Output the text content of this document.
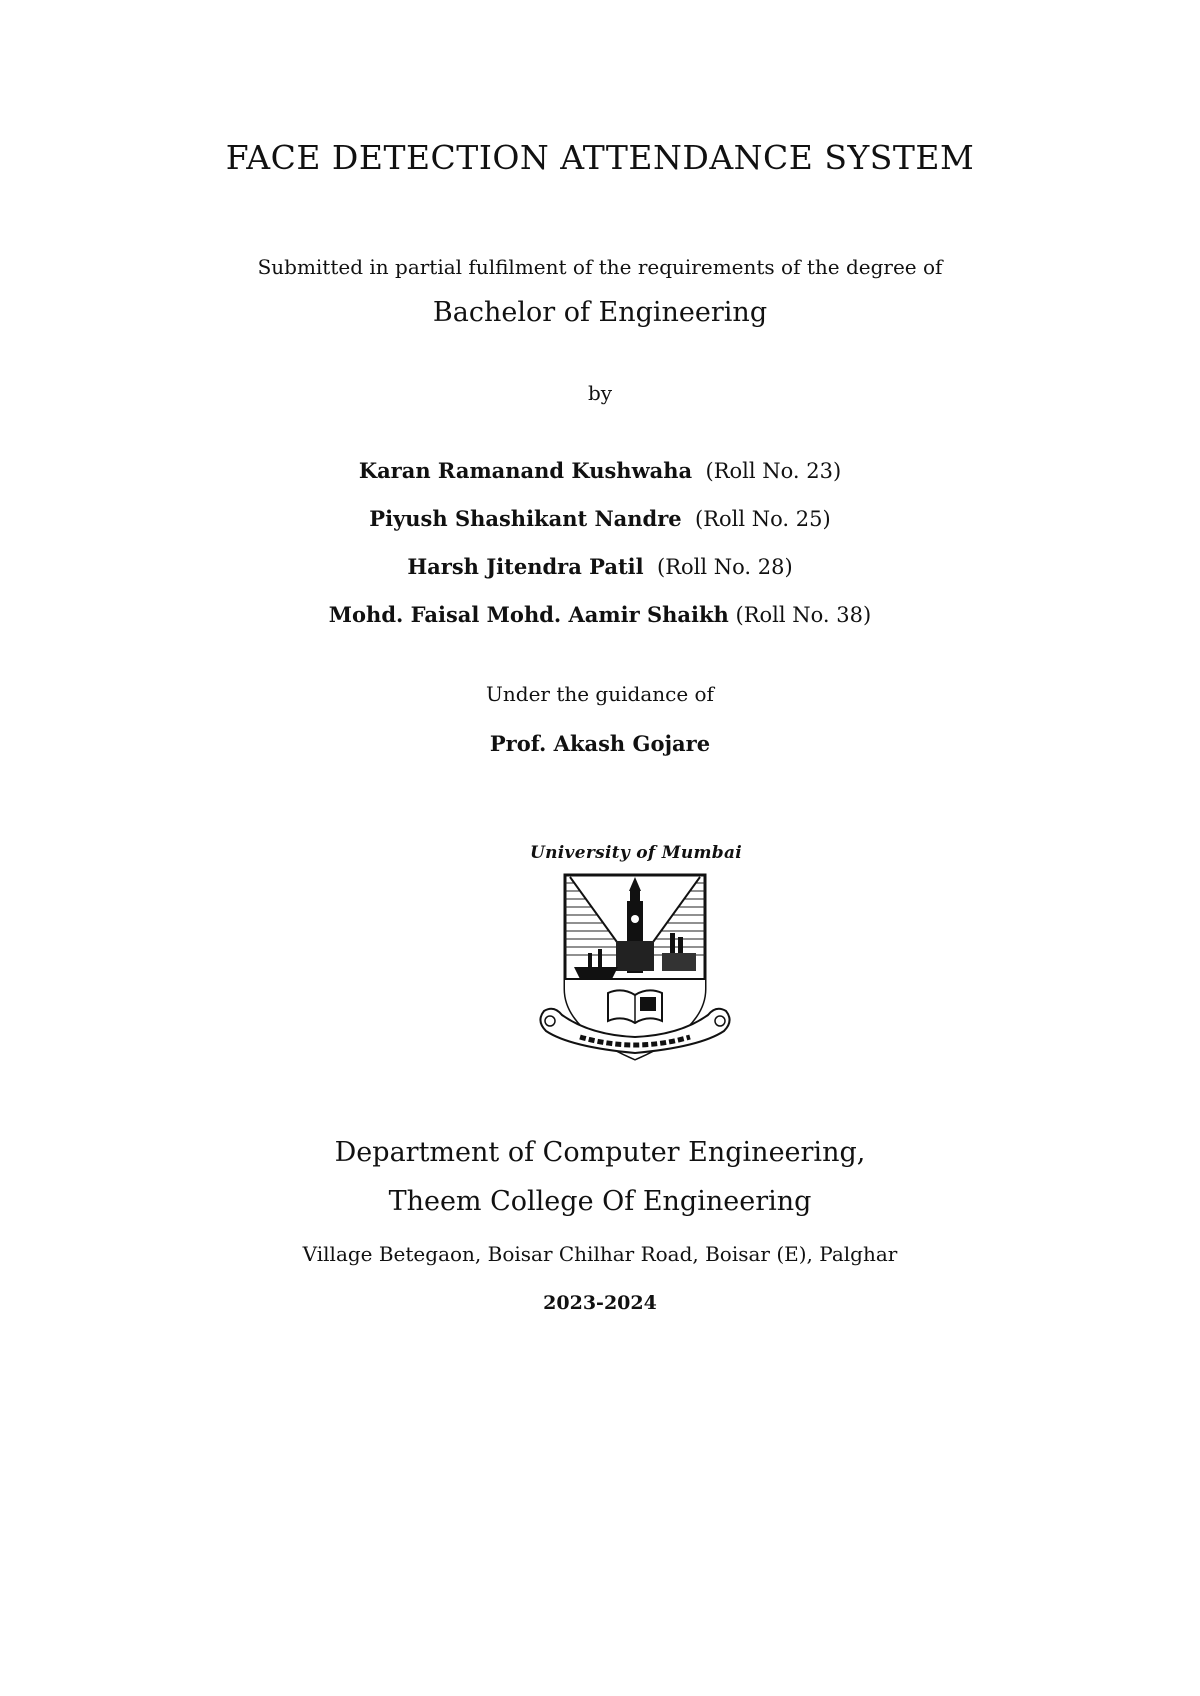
FACE DETECTION ATTENDANCE SYSTEM

Submitted in partial fulfilment of the requirements of the degree of

Bachelor of Engineering

by

Karan Ramanand Kushwaha (Roll No. 23)

Piyush Shashikant Nandre (Roll No. 25)

Harsh Jitendra Patil (Roll No. 28)

Mohd. Faisal Mohd. Aamir Shaikh (Roll No. 38)

Under the guidance of

Prof. Akash Gojare

University of Mumbai

Department of Computer Engineering,

Theem College Of Engineering

Village Betegaon, Boisar Chilhar Road, Boisar (E), Palghar

2023-2024
